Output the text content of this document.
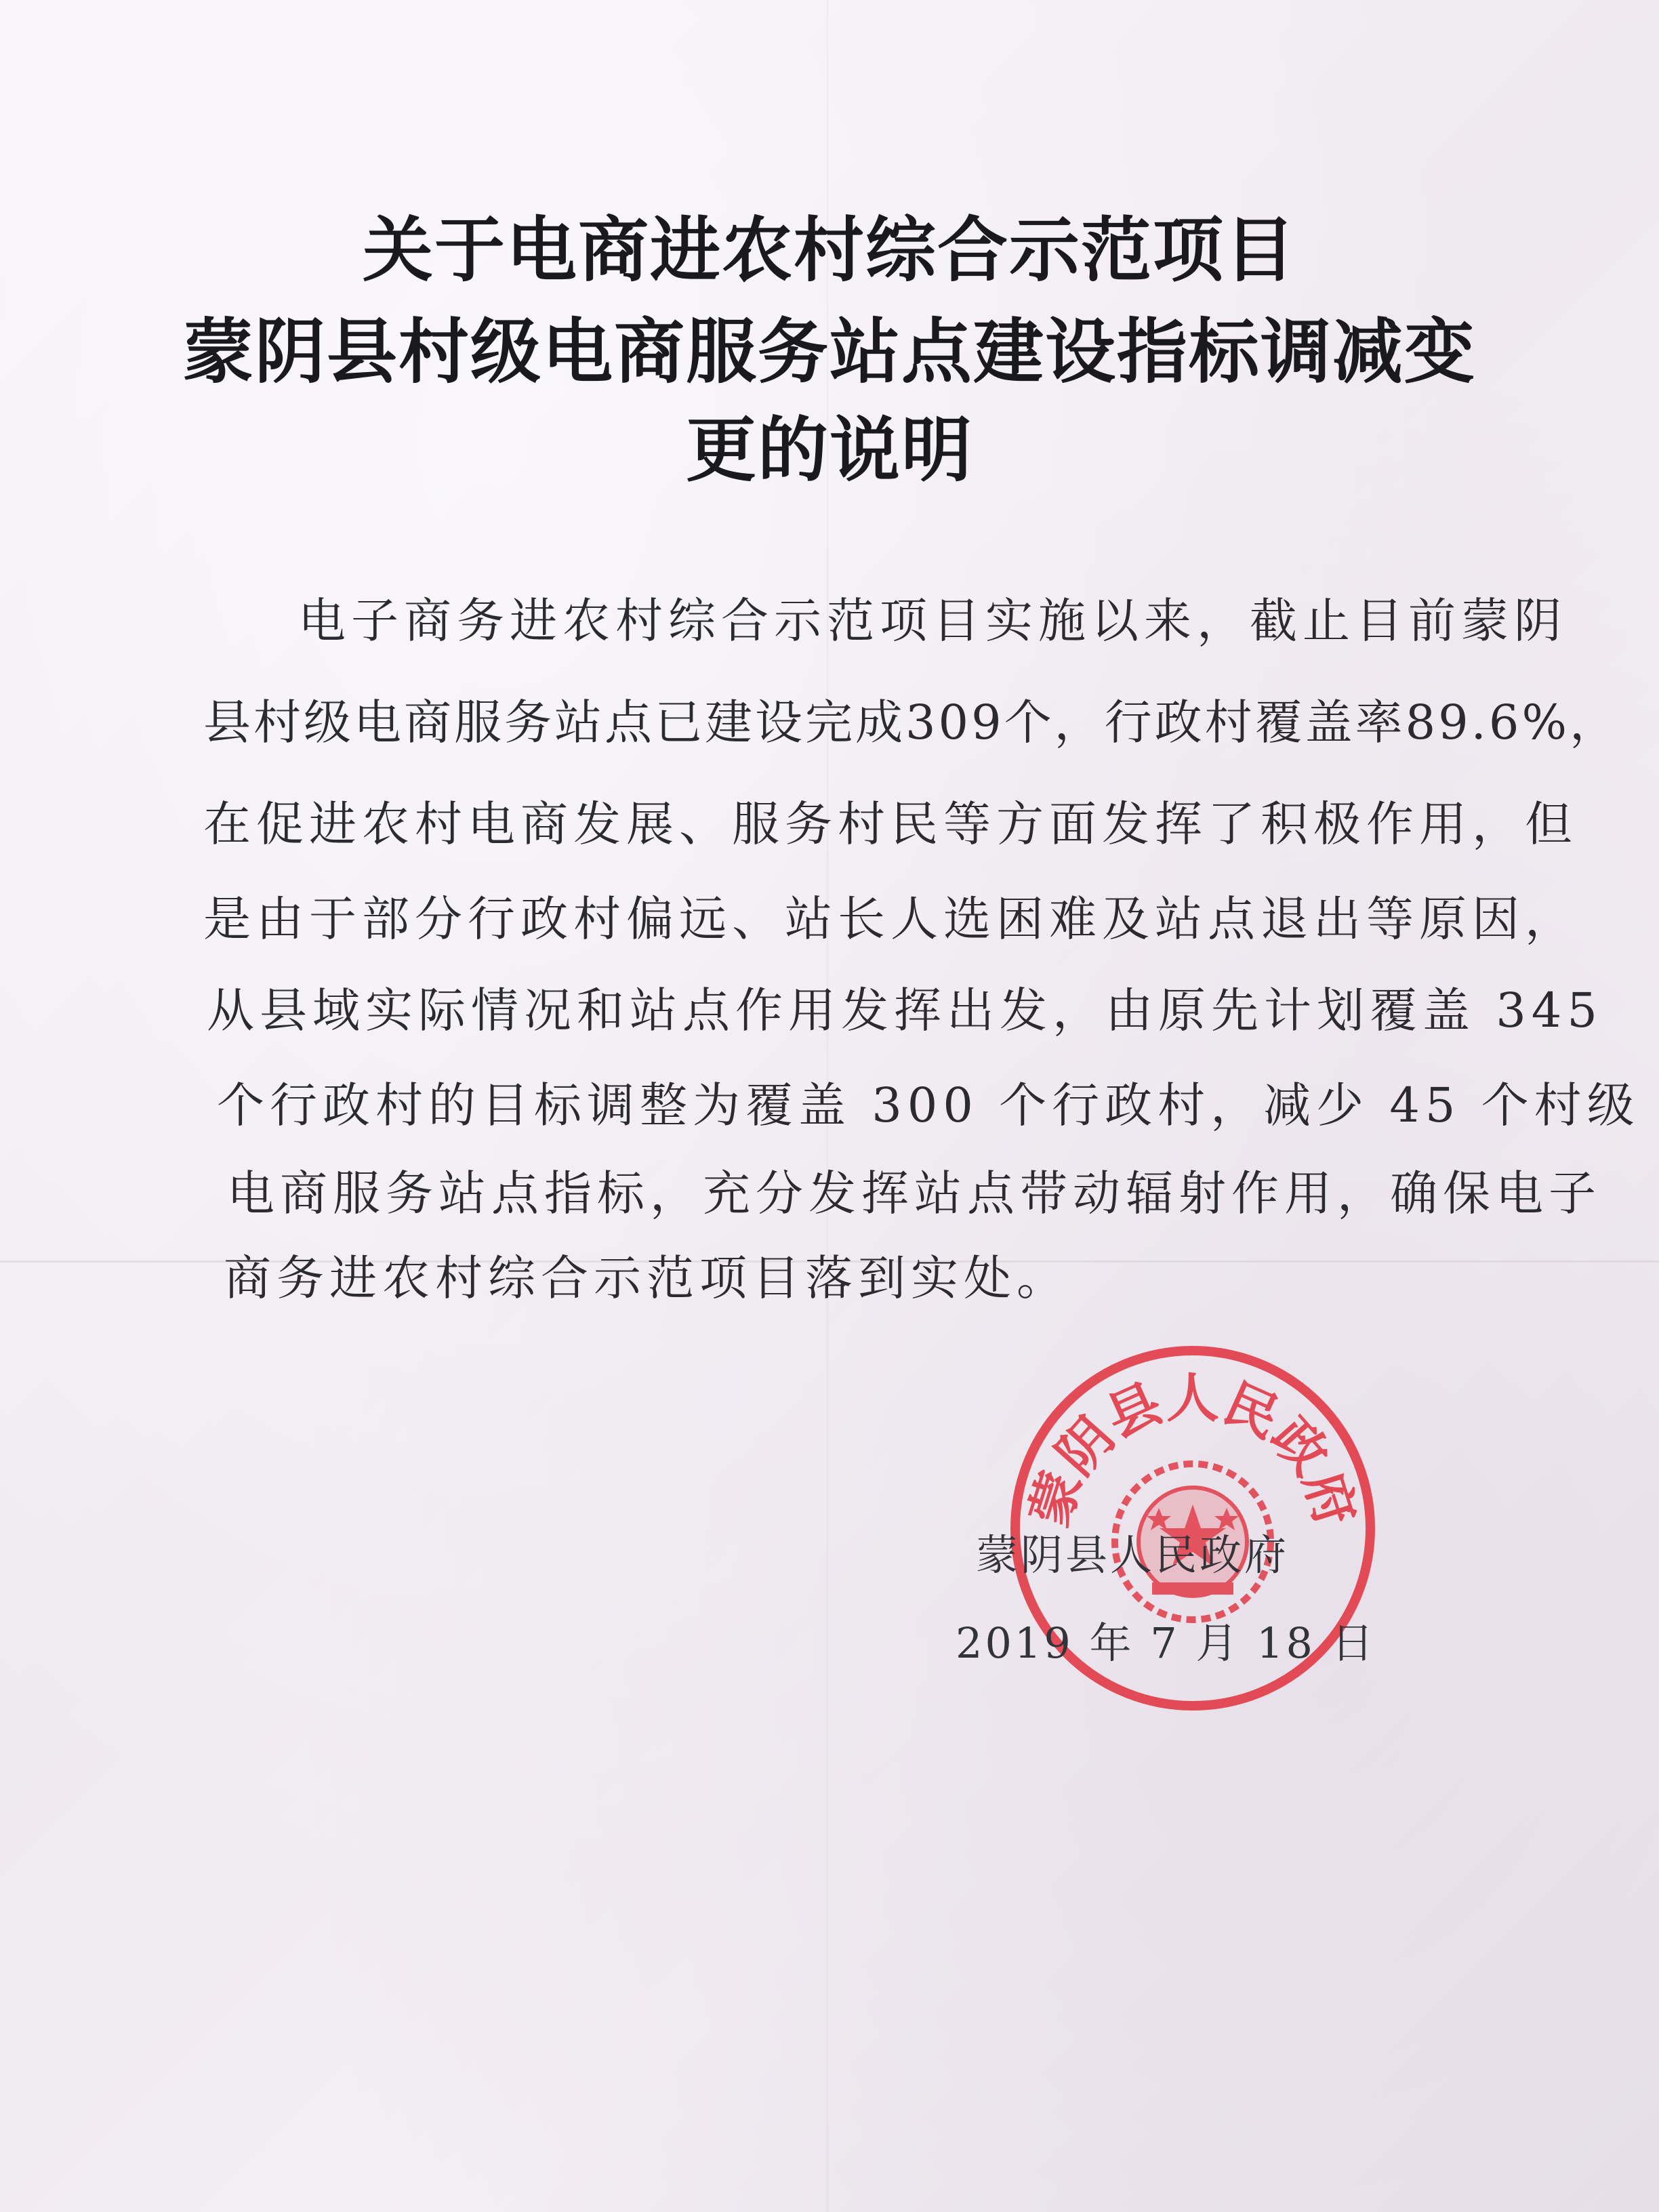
关于电商进农村综合示范项目
蒙阴县村级电商服务站点建设指标调减变
更的说明
电子商务进农村综合示范项目实施以来，截止目前蒙阴
县村级电商服务站点已建设完成309个，行政村覆盖率89.6%，
在促进农村电商发展、服务村民等方面发挥了积极作用，但
是由于部分行政村偏远、站长人选困难及站点退出等原因，
从县域实际情况和站点作用发挥出发，由原先计划覆盖 345
个行政村的目标调整为覆盖 300 个行政村，减少 45 个村级
电商服务站点指标，充分发挥站点带动辐射作用，确保电子
商务进农村综合示范项目落到实处。
蒙阴县人民政府
蒙阴县人民政府
2019 年 7 月 18 日
